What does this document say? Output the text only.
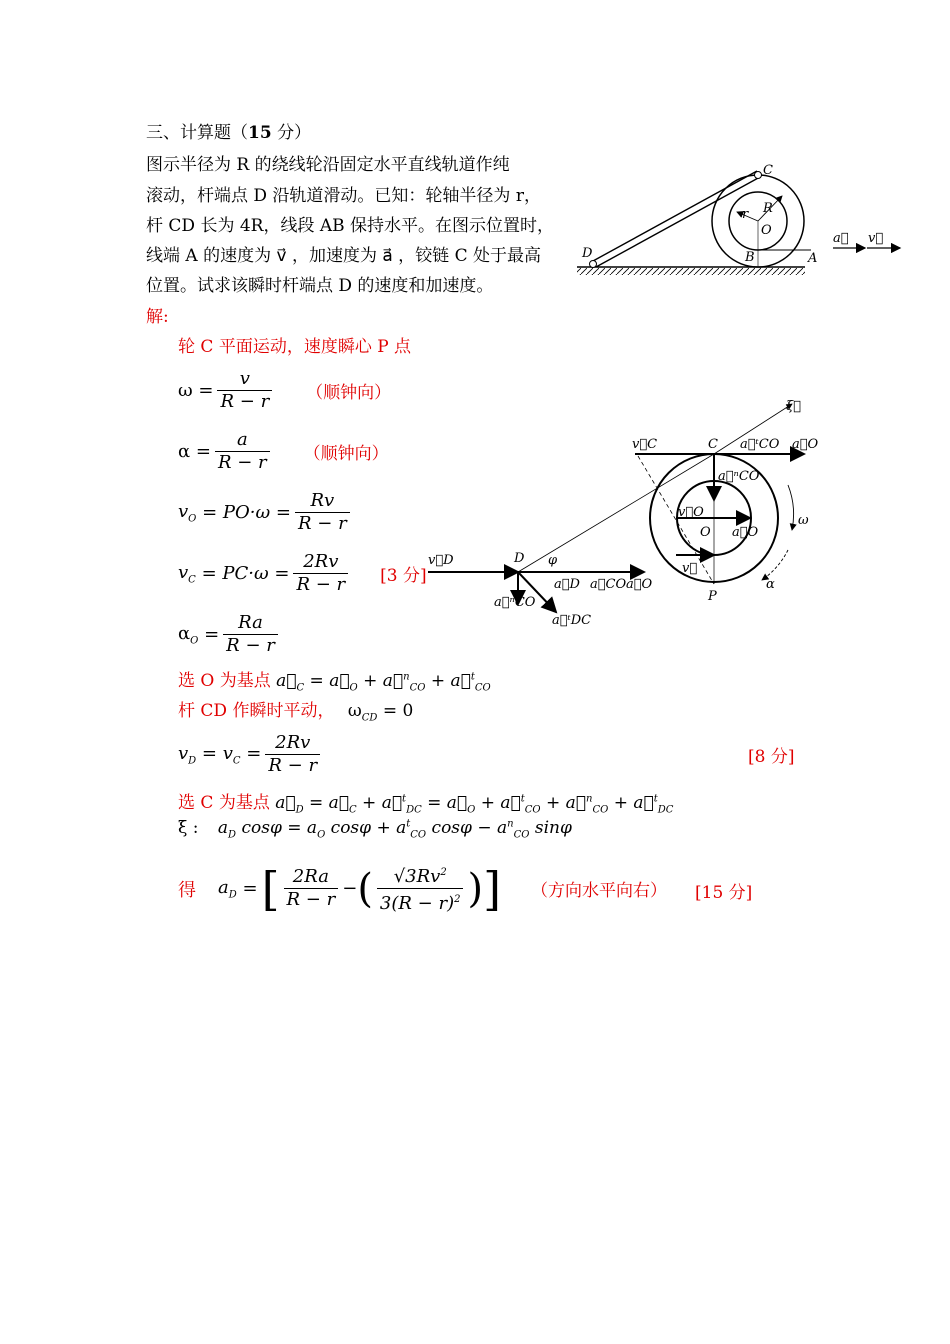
三、计算题（15 分）
图示半径为 R 的绕线轮沿固定水平直线轨道作纯
滚动，杆端点 D 沿轨道滑动。已知：轮轴半径为 r，
杆 CD 长为 4R，线段 AB 保持水平。在图示位置时，
线端 A 的速度为 v⃗ ，加速度为 a⃗ ，铰链 C 处于最高
位置。试求该瞬时杆端点 D 的速度和加速度。
C
R
r
O
D	B	A
a⃗ v⃗
解:
轮 C 平面运动，速度瞬心 P 点
$\omega = \frac{v}{R - r}$ （顺钟向）
$\alpha = \frac{a}{R - r}$ （顺钟向）
$v_O$
= $PO\cdot\omega = \frac{Rv}{R - r}$
$v_C$
= $PC\cdot\omega = \frac{2Rv}{R - r} [3$ 分]
$\alpha_O = \frac{Ra}{R - r}$
选 O 为基点 $a⃗_C$ = $a⃗_O$ + a⃗$^n_{CO}$ + a⃗$^t_{CO}$
杆 CD 作瞬时平动， $\omega_{CD} = 0$
$v_D = v_C = \frac{2Rv}{R - r}$	[8 分]
选 C 为基点 $a⃗_D$ = $a⃗_C$ + a⃗$^t_{DC}$ = $a⃗_O$ + a⃗$^t_{CO}$ + a⃗$^n_{CO}$ + a⃗$^t_{DC}$
ξ : $a_D$ $\cos\varphi = a_O$ $\cos\varphi + a^t_{CO}$ $\cos\varphi - a^n_{CO}$ sinφ
得 $a_D$ = [ $\frac{2Ra}{R - r}$ − ( $\frac{√3Rv^2}{3(R - r)^2}$ ) ] （方向水平向右） [15 分]
ξ⃗
v⃗C	C a⃗ᵗCO a⃗O
a⃗ⁿCO
v⃗O
O a⃗O
ω
α
v⃗
P
v⃗D	D φ
a⃗D a⃗CO a⃗O
a⃗ⁿCO
a⃗ᵗDC
